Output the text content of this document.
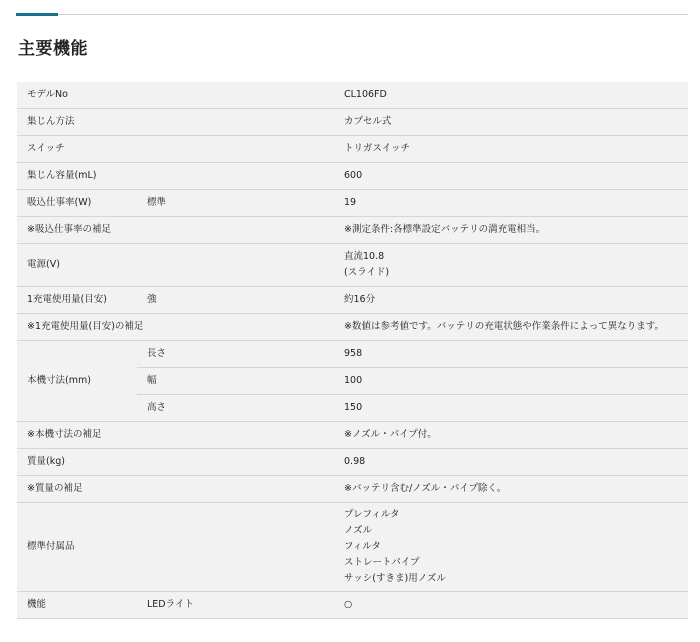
主要機能
モデルNo		CL106FD
集じん方法		カプセル式
スイッチ		トリガスイッチ
集じん容量(mL)		600
吸込仕事率(W)	標準	19
※吸込仕事率の補足		※測定条件:各標準設定バッテリの満充電相当。
電源(V)		直流10.8
(スライド)

1充電使用量(目安)	強	約16分
※1充電使用量(目安)の補足		※数値は参考値です。バッテリの充電状態や作業条件によって異なります。
本機寸法(mm)	長さ	958
	幅	100
	高さ	150
※本機寸法の補足		※ノズル・パイプ付。
質量(kg)		0.98
※質量の補足		※バッテリ含む/ノズル・パイプ除く。
標準付属品		プレフィルタ
ノズル
フィルタ
ストレートパイプ
サッシ(すきま)用ノズル

機能	LEDライト	○
